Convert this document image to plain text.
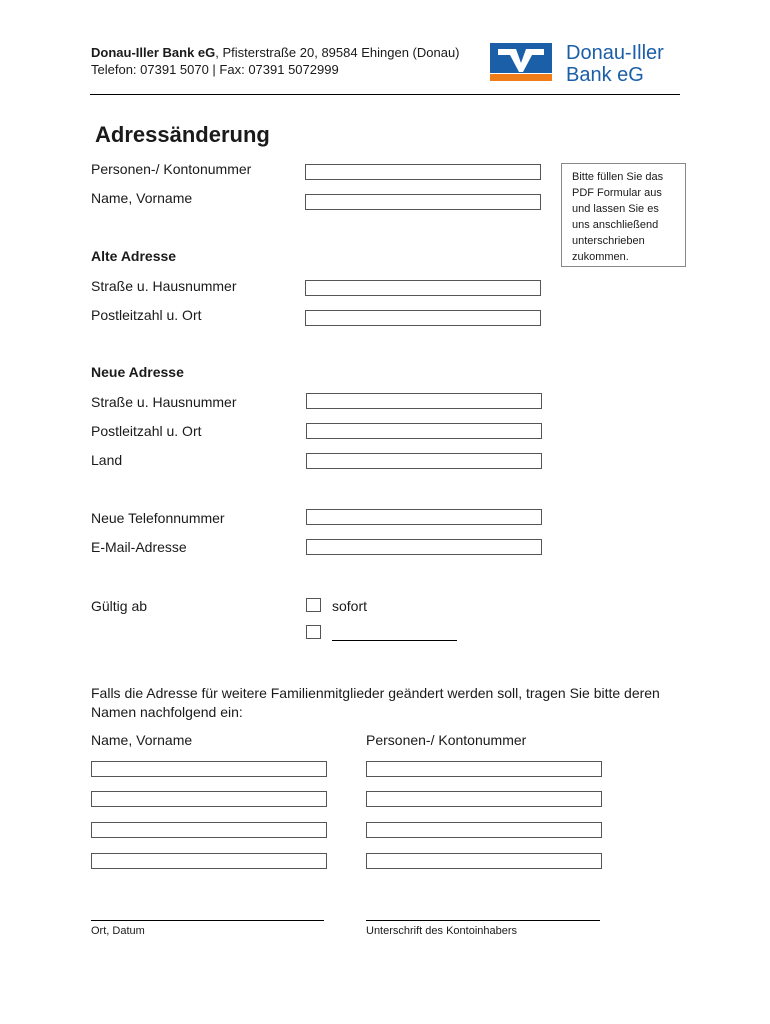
Donau-Iller Bank eG, Pfisterstraße 20, 89584 Ehingen (Donau)
Telefon: 07391 5070 | Fax: 07391 5072999
Donau-Iller
Bank eG
Adressänderung
Personen-/ Kontonummer
Name, Vorname
Bitte füllen Sie das PDF Formular aus und lassen Sie es uns anschließend unterschrieben zukommen.
Alte Adresse
Straße u. Hausnummer
Postleitzahl u. Ort
Neue Adresse
Straße u. Hausnummer
Postleitzahl u. Ort
Land
Neue Telefonnummer
E-Mail-Adresse
Gültig ab	sofort
Falls die Adresse für weitere Familienmitglieder geändert werden soll, tragen Sie bitte deren Namen nachfolgend ein:
Name, Vorname	Personen-/ Kontonummer
Ort, Datum	Unterschrift des Kontoinhabers
